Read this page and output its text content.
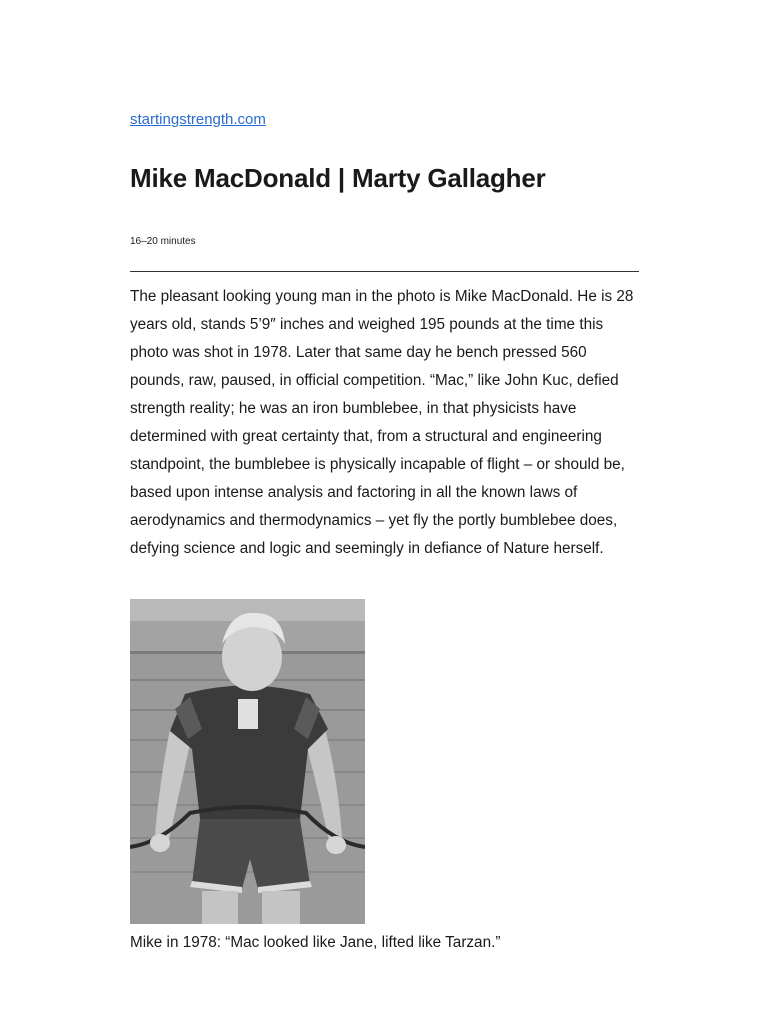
startingstrength.com
Mike MacDonald | Marty Gallagher
16–20 minutes

The pleasant looking young man in the photo is Mike MacDonald. He is 28 years old, stands 5’9″ inches and weighed 195 pounds at the time this photo was shot in 1978. Later that same day he bench pressed 560 pounds, raw, paused, in official competition. “Mac,” like John Kuc, defied strength reality; he was an iron bumblebee, in that physicists have determined with great certainty that, from a structural and engineering standpoint, the bumblebee is physically incapable of flight – or should be, based upon intense analysis and factoring in all the known laws of aerodynamics and thermodynamics – yet fly the portly bumblebee does, defying science and logic and seemingly in defiance of Nature herself.

Mike in 1978: “Mac looked like Jane, lifted like Tarzan.”
